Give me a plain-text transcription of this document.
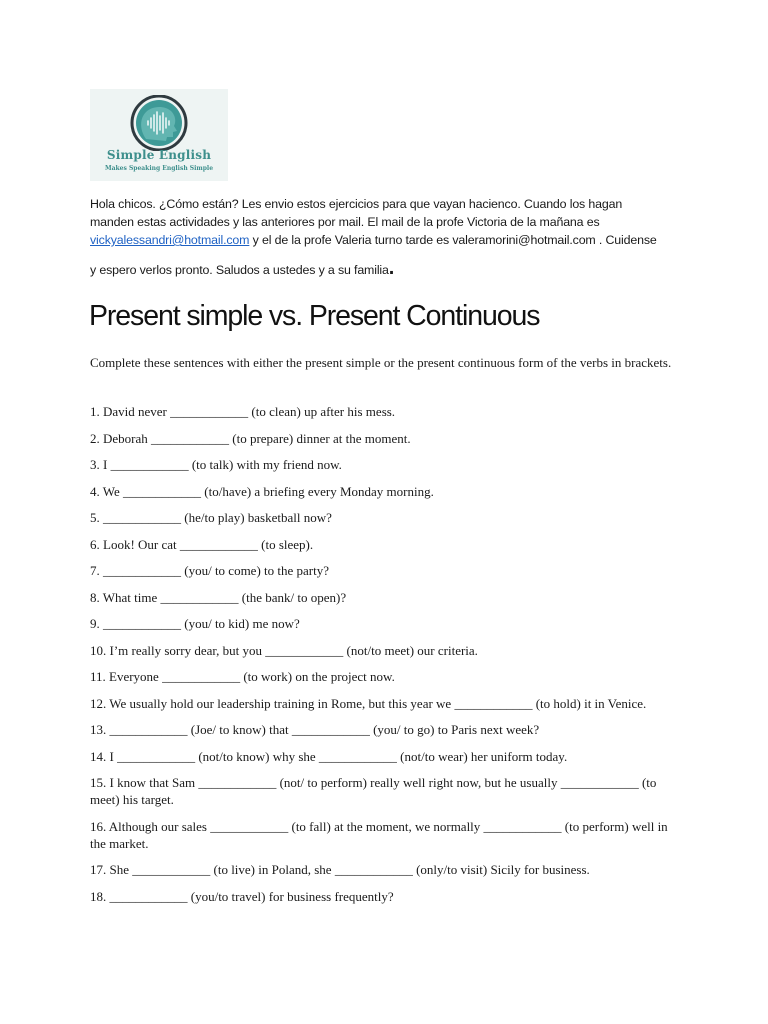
Simple English
Makes Speaking English Simple
Hola chicos. ¿Cómo están? Les envio estos ejercicios para que vayan hacienco. Cuando los hagan
manden estas actividades y las anteriores por mail. El mail de la profe Victoria de la mañana es
vickyalessandri@hotmail.com y el de la profe Valeria turno tarde es valeramorini@hotmail.com . Cuidense
y espero verlos pronto. Saludos a ustedes y a su familia.
Present simple vs. Present Continuous
Complete these sentences with either the present simple or the present continuous form of the verbs in brackets.
1. David never ____________ (to clean) up after his mess.
2. Deborah ____________ (to prepare) dinner at the moment.
3. I ____________ (to talk) with my friend now.
4. We ____________ (to/have) a briefing every Monday morning.
5. ____________ (he/to play) basketball now?
6. Look! Our cat ____________ (to sleep).
7. ____________ (you/ to come) to the party?
8. What time ____________ (the bank/ to open)?
9. ____________ (you/ to kid) me now?
10. I’m really sorry dear, but you ____________ (not/to meet) our criteria.
11. Everyone ____________ (to work) on the project now.
12. We usually hold our leadership training in Rome, but this year we ____________ (to hold) it in Venice.
13. ____________ (Joe/ to know) that ____________ (you/ to go) to Paris next week?
14. I ____________ (not/to know) why she ____________ (not/to wear) her uniform today.
15. I know that Sam ____________ (not/ to perform) really well right now, but he usually ____________ (to meet) his target.
16. Although our sales ____________ (to fall) at the moment, we normally ____________ (to perform) well in the market.
17. She ____________ (to live) in Poland, she ____________ (only/to visit) Sicily for business.
18. ____________ (you/to travel) for business frequently?
